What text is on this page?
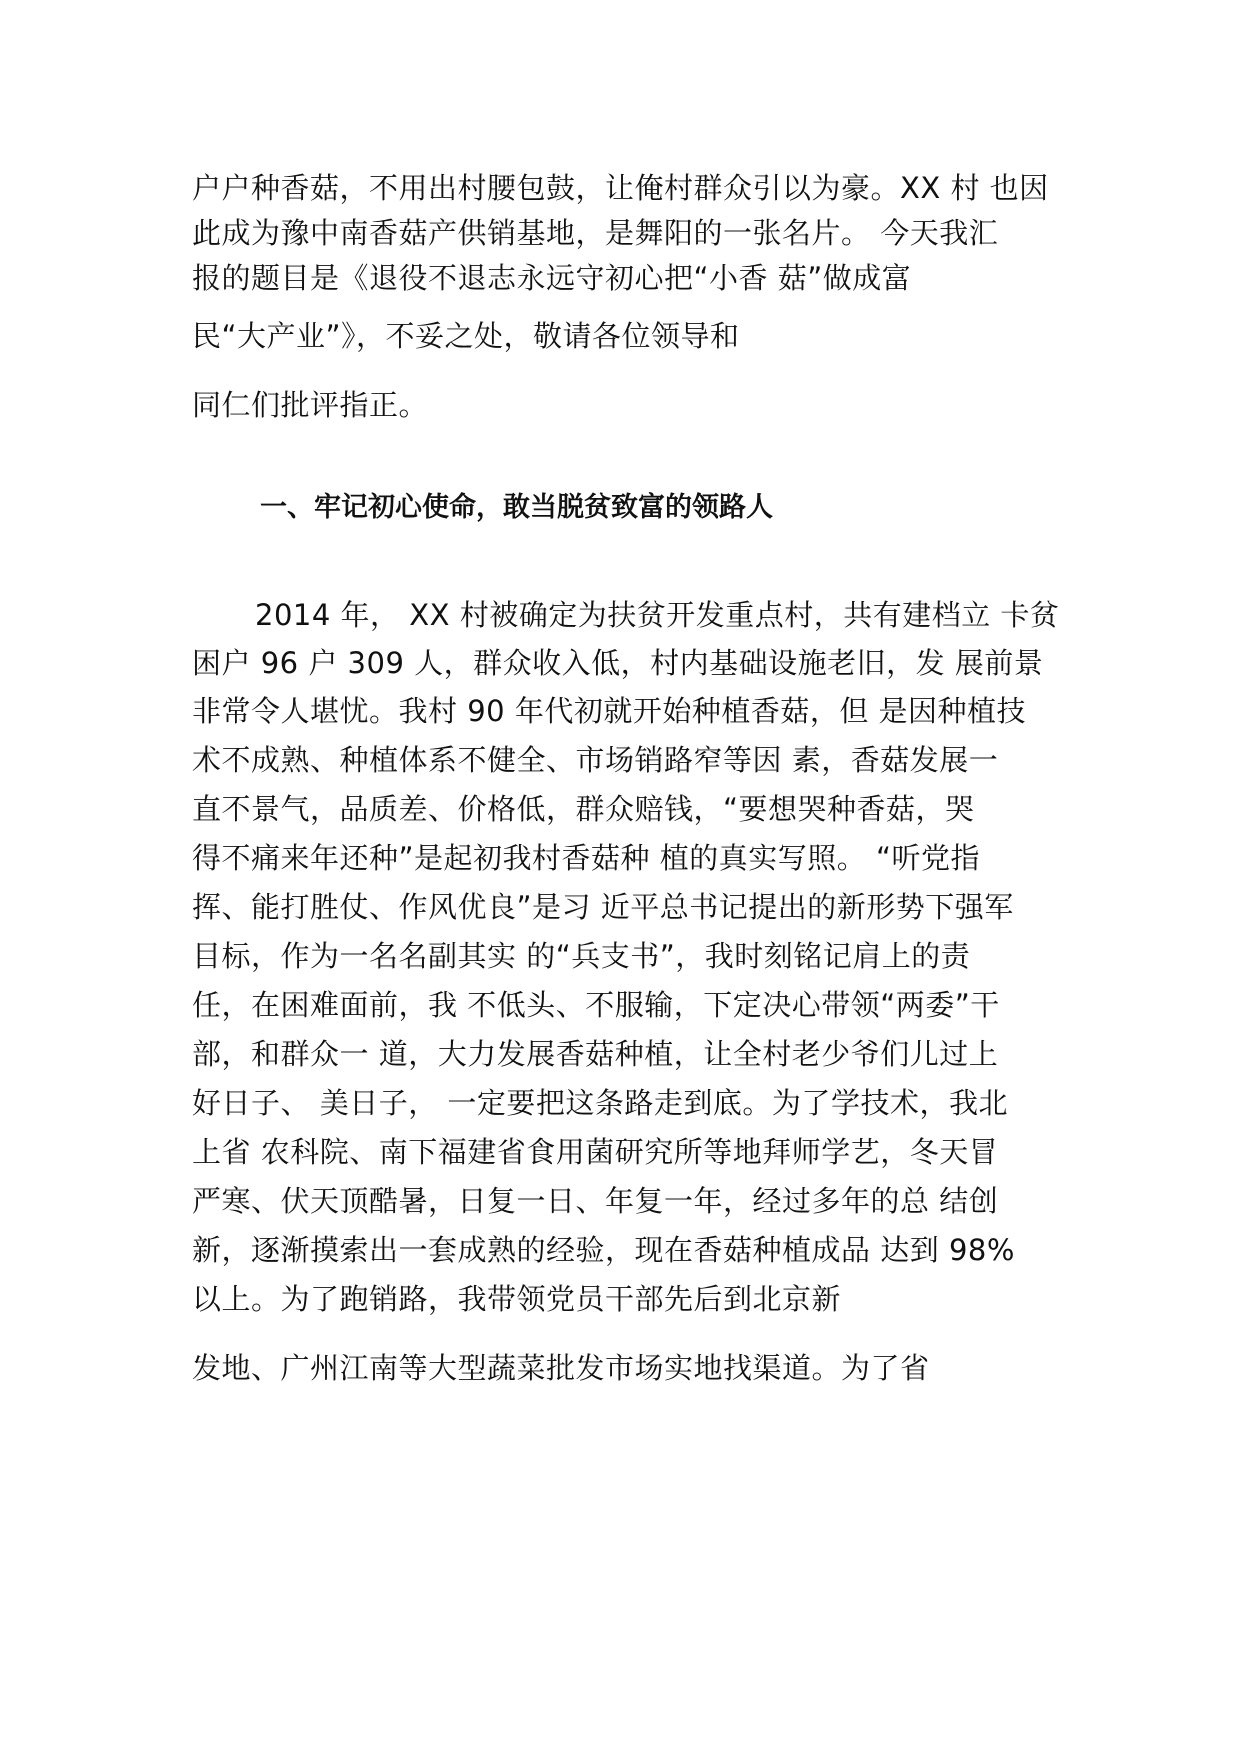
户户种香菇，不用出村腰包鼓，让俺村群众引以为豪。XX 村 也因
此成为豫中南香菇产供销基地，是舞阳的一张名片。 今天我汇
报的题目是《退役不退志永远守初心把“小香 菇”做成富
民“大产业”》，不妥之处，敬请各位领导和
同仁们批评指正。
一、牢记初心使命，敢当脱贫致富的领路人
2014 年， XX 村被确定为扶贫开发重点村，共有建档立 卡贫
困户 96 户 309 人，群众收入低，村内基础设施老旧，发 展前景
非常令人堪忧。我村 90 年代初就开始种植香菇，但 是因种植技
术不成熟、种植体系不健全、市场销路窄等因 素，香菇发展一
直不景气，品质差、价格低，群众赔钱，“要想哭种香菇，哭
得不痛来年还种”是起初我村香菇种 植的真实写照。 “听党指
挥、能打胜仗、作风优良”是习 近平总书记提出的新形势下强军
目标，作为一名名副其实 的“兵支书”，我时刻铭记肩上的责
任，在困难面前，我 不低头、不服输，下定决心带领“两委”干
部，和群众一 道，大力发展香菇种植，让全村老少爷们儿过上
好日子、 美日子， 一定要把这条路走到底。为了学技术，我北
上省 农科院、南下福建省食用菌研究所等地拜师学艺，冬天冒
严寒、伏天顶酷暑，日复一日、年复一年，经过多年的总 结创
新，逐渐摸索出一套成熟的经验，现在香菇种植成品 达到 98%
以上。为了跑销路，我带领党员干部先后到北京新
发地、广州江南等大型蔬菜批发市场实地找渠道。为了省
